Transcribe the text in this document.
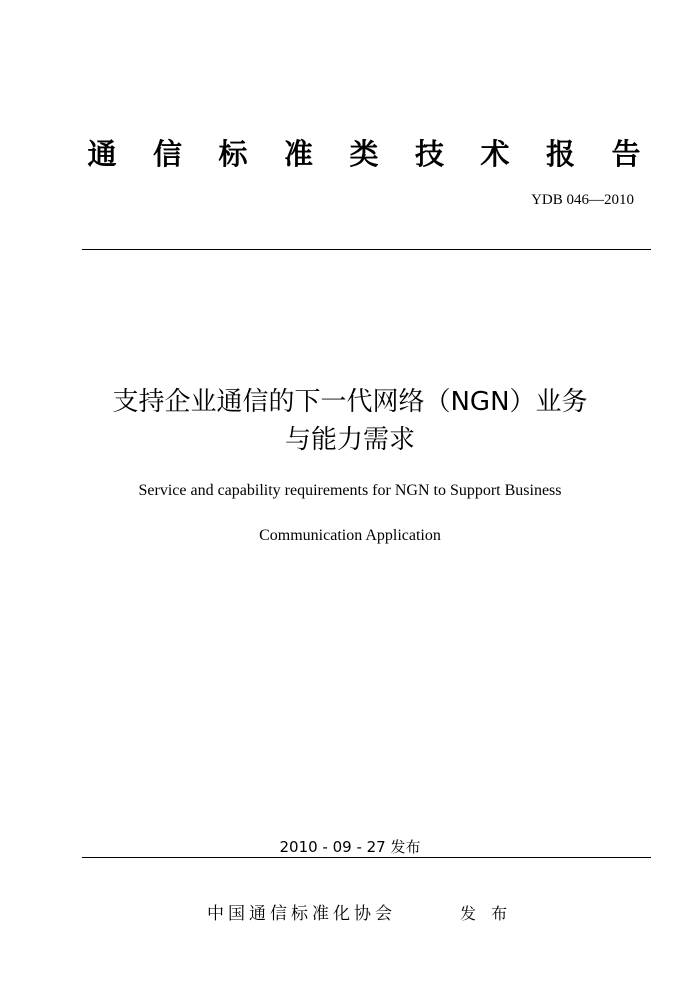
通 信 标 准 类 技 术 报 告

YDB 046—2010

支持企业通信的下一代网络（NGN）业务
与能力需求

Service and capability requirements for NGN to Support Business

Communication Application

2010 - 09 - 27 发布

中国通信标准化协会	发 布
